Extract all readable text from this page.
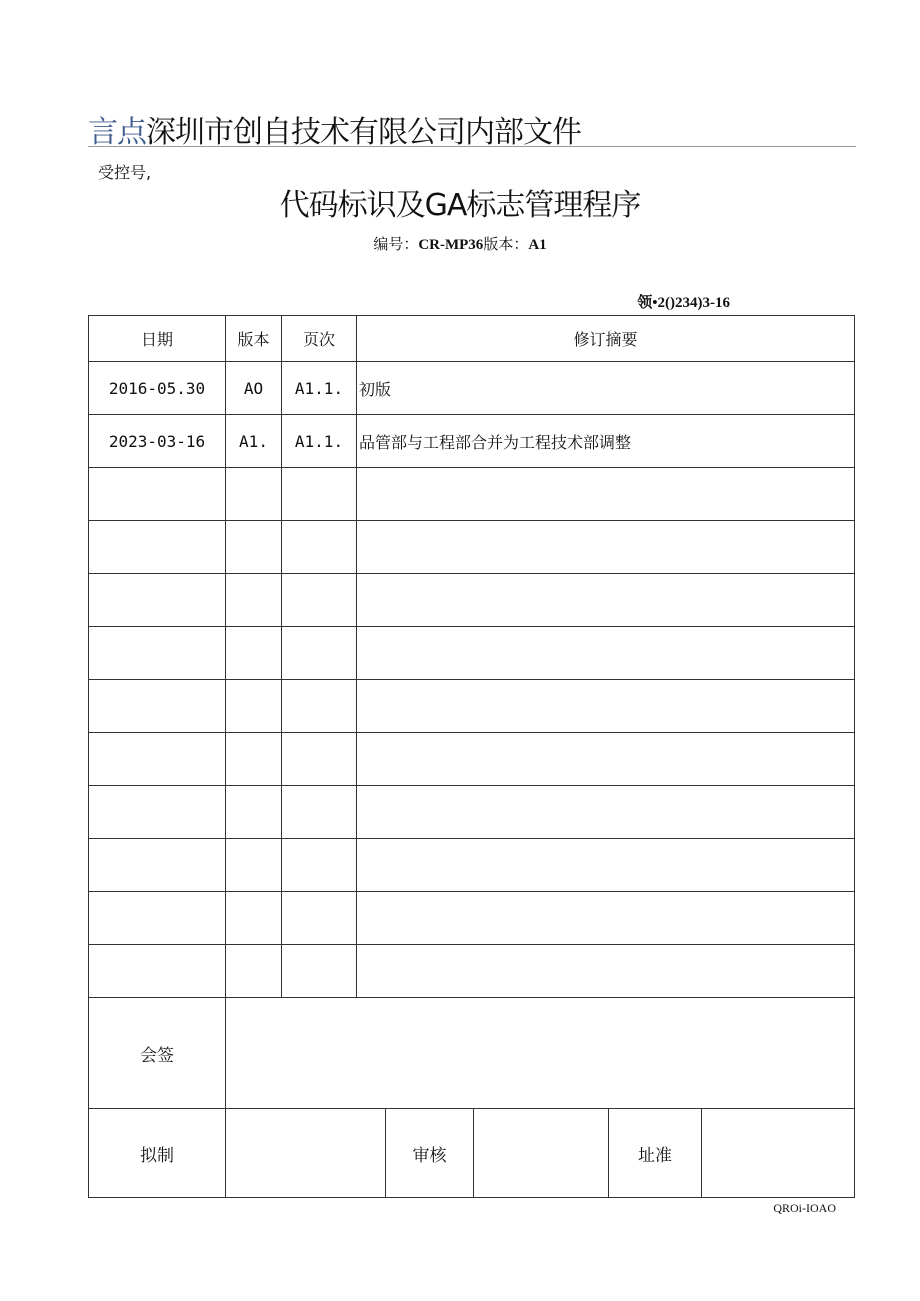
言点深圳市创自技术有限公司内部文件
受控号,
代码标识及GA标志管理程序
编号：CR-MP36版本：A1
领•2()234)3-16
日期	版本	页次	修订摘要
2016-05.30	AO	A1.1.	初版
2023-03-16	A1.	A1.1.	品管部与工程部合并为工程技术部调整

会签					
拟制		审核		址准	
QROi-IOAO
